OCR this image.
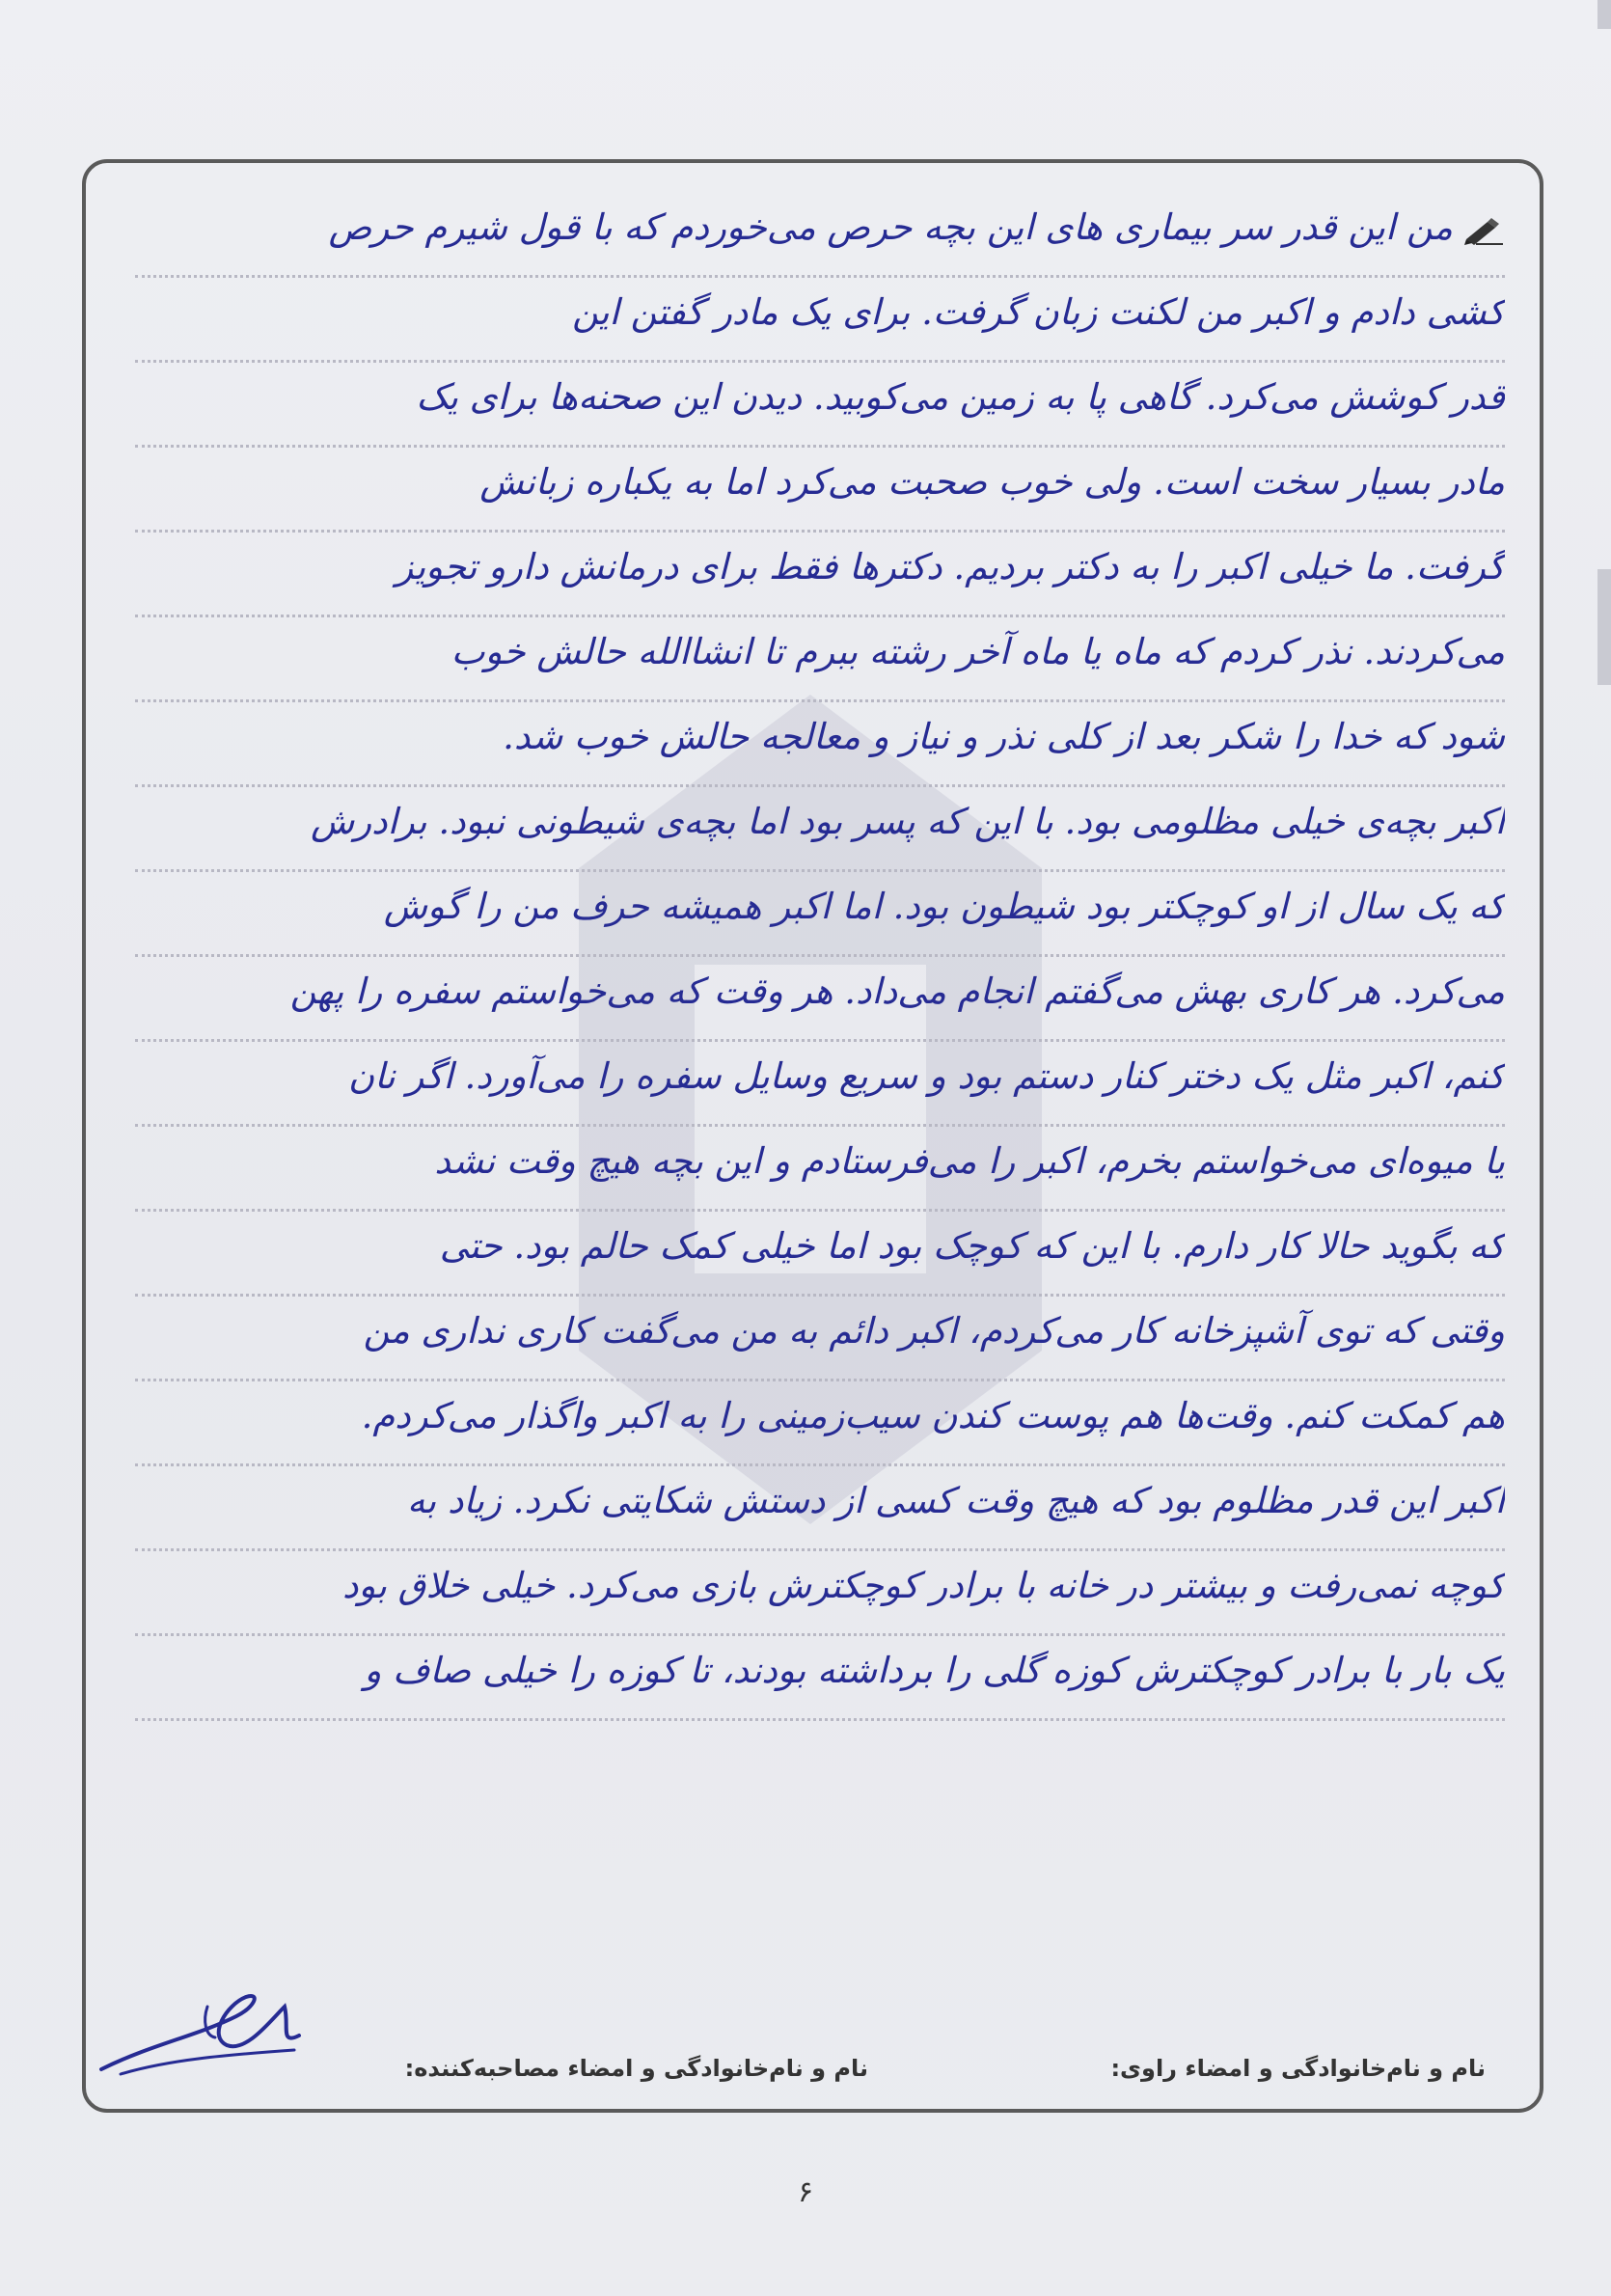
من این قدر سر بیماری های این بچه حرص می‌خوردم که با قول شیرم حرص
کشی دادم و اکبر من لکنت زبان گرفت. برای یک مادر گفتن این
قدر کوشش می‌کرد. گاهی پا به زمین می‌کوبید. دیدن این صحنه‌ها برای یک
مادر بسیار سخت است. ولی خوب صحبت می‌کرد اما به یکباره زبانش
گرفت. ما خیلی اکبر را به دکتر بردیم. دکترها فقط برای درمانش دارو تجویز
می‌کردند. نذر کردم که ماه یا ماه آخر رشته ببرم تا انشاالله حالش خوب
شود که خدا را شکر بعد از کلی نذر و نیاز و معالجه حالش خوب شد.
اکبر بچه‌ی خیلی مظلومی بود. با این که پسر بود اما بچه‌ی شیطونی نبود. برادرش
که یک سال از او کوچکتر بود شیطون بود. اما اکبر همیشه حرف من را گوش
می‌کرد. هر کاری بهش می‌گفتم انجام می‌داد. هر وقت که می‌خواستم سفره را پهن
کنم، اکبر مثل یک دختر کنار دستم بود و سریع وسایل سفره را می‌آورد. اگر نان
یا میوه‌ای می‌خواستم بخرم، اکبر را می‌فرستادم و این بچه هیچ وقت نشد
که بگوید حالا کار دارم. با این که کوچک بود اما خیلی کمک حالم بود. حتی
وقتی که توی آشپزخانه کار می‌کردم، اکبر دائم به من می‌گفت کاری نداری من
هم کمکت کنم. وقت‌ها هم پوست کندن سیب‌زمینی را به اکبر واگذار می‌کردم.
اکبر این قدر مظلوم بود که هیچ وقت کسی از دستش شکایتی نکرد. زیاد به
کوچه نمی‌رفت و بیشتر در خانه با برادر کوچکترش بازی می‌کرد. خیلی خلاق بود
یک بار با برادر کوچکترش کوزه گلی را برداشته بودند، تا کوزه را خیلی صاف و
نام و نام‌خانوادگی و امضاء راوی:
نام و نام‌خانوادگی و امضاء مصاحبه‌کننده:
۶
